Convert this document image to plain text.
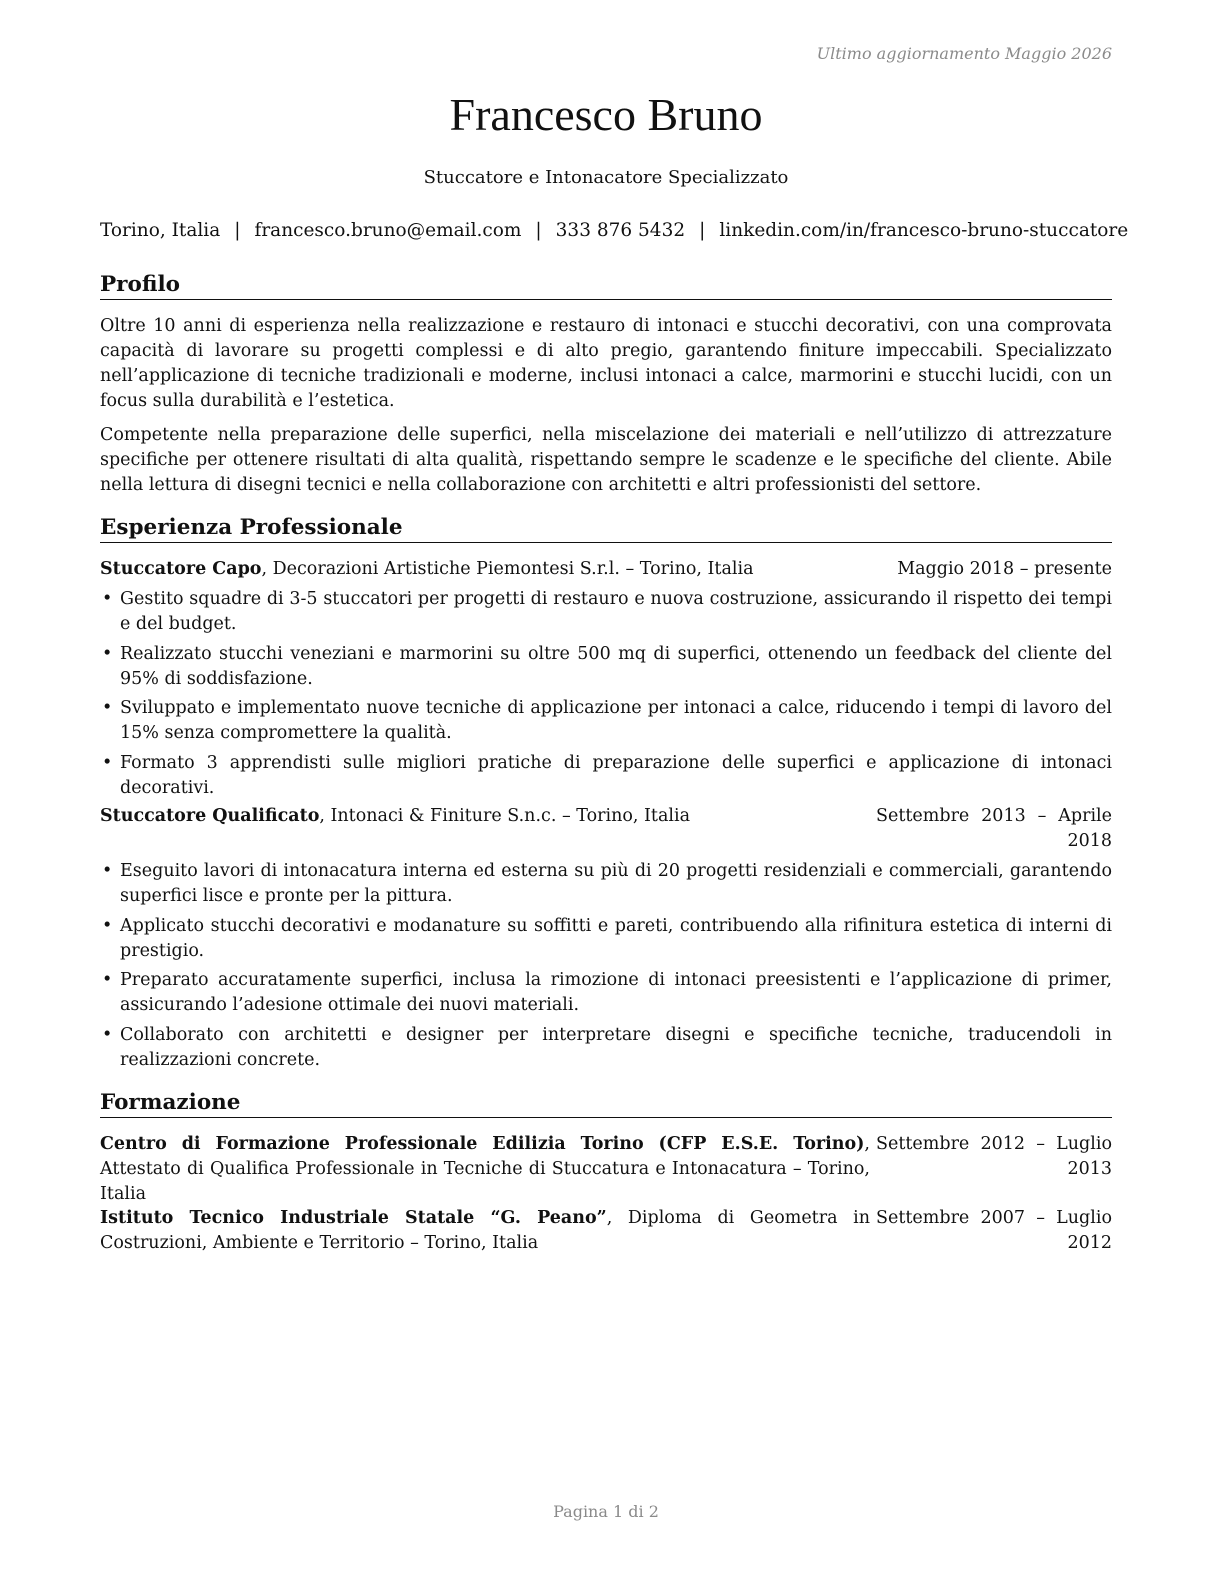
Ultimo aggiornamento Maggio 2026
Francesco Bruno
Stuccatore e Intonacatore Specializzato
Torino, Italia | francesco.bruno@email.com | 333 876 5432 | linkedin.com/in/francesco-bruno-stuccatore
Profilo

Oltre 10 anni di esperienza nella realizzazione e restauro di intonaci e stucchi decorativi, con una comprovata capacità di lavorare su progetti complessi e di alto pregio, garantendo finiture impeccabili. Specializzato nell’applicazione di tecniche tradizionali e moderne, inclusi intonaci a calce, marmorini e stucchi lucidi, con un focus sulla durabilità e l’estetica.

Competente nella preparazione delle superfici, nella miscelazione dei materiali e nell’utilizzo di attrezzature specifiche per ottenere risultati di alta qualità, rispettando sempre le scadenze e le specifiche del cliente. Abile nella lettura di disegni tecnici e nella collaborazione con architetti e altri professionisti del settore.

Esperienza Professionale
Stuccatore Capo, Decorazioni Artistiche Piemontesi S.r.l. – Torino, Italia	Maggio 2018 – presente
• Gestito squadre di 3-5 stuccatori per progetti di restauro e nuova costruzione, assicurando il rispetto dei tempi e del budget.
• Realizzato stucchi veneziani e marmorini su oltre 500 mq di superfici, ottenendo un feedback del cliente del 95% di soddisfazione.
• Sviluppato e implementato nuove tecniche di applicazione per intonaci a calce, riducendo i tempi di lavoro del 15% senza compromettere la qualità.
• Formato 3 apprendisti sulle migliori pratiche di preparazione delle superfici e applicazione di intonaci decorativi.
Stuccatore Qualificato, Intonaci & Finiture S.n.c. – Torino, Italia	Settembre 2013 – Aprile 2018
• Eseguito lavori di intonacatura interna ed esterna su più di 20 progetti residenziali e commerciali, garantendo superfici lisce e pronte per la pittura.
• Applicato stucchi decorativi e modanature su soffitti e pareti, contribuendo alla rifinitura estetica di interni di prestigio.
• Preparato accuratamente superfici, inclusa la rimozione di intonaci preesistenti e l’applicazione di primer, assicurando l’adesione ottimale dei nuovi materiali.
• Collaborato con architetti e designer per interpretare disegni e specifiche tecniche, traducendoli in realizzazioni concrete.
Formazione
Centro di Formazione Professionale Edilizia Torino (CFP E.S.E. Torino), Attestato di Qualifica Professionale in Tecniche di Stuccatura e Intonacatura – Torino, Italia
Settembre 2012 – Luglio 2013
Istituto Tecnico Industriale Statale “G. Peano”, Diploma di Geometra in Costruzioni, Ambiente e Territorio – Torino, Italia
Settembre 2007 – Luglio 2012
Pagina 1 di 2
